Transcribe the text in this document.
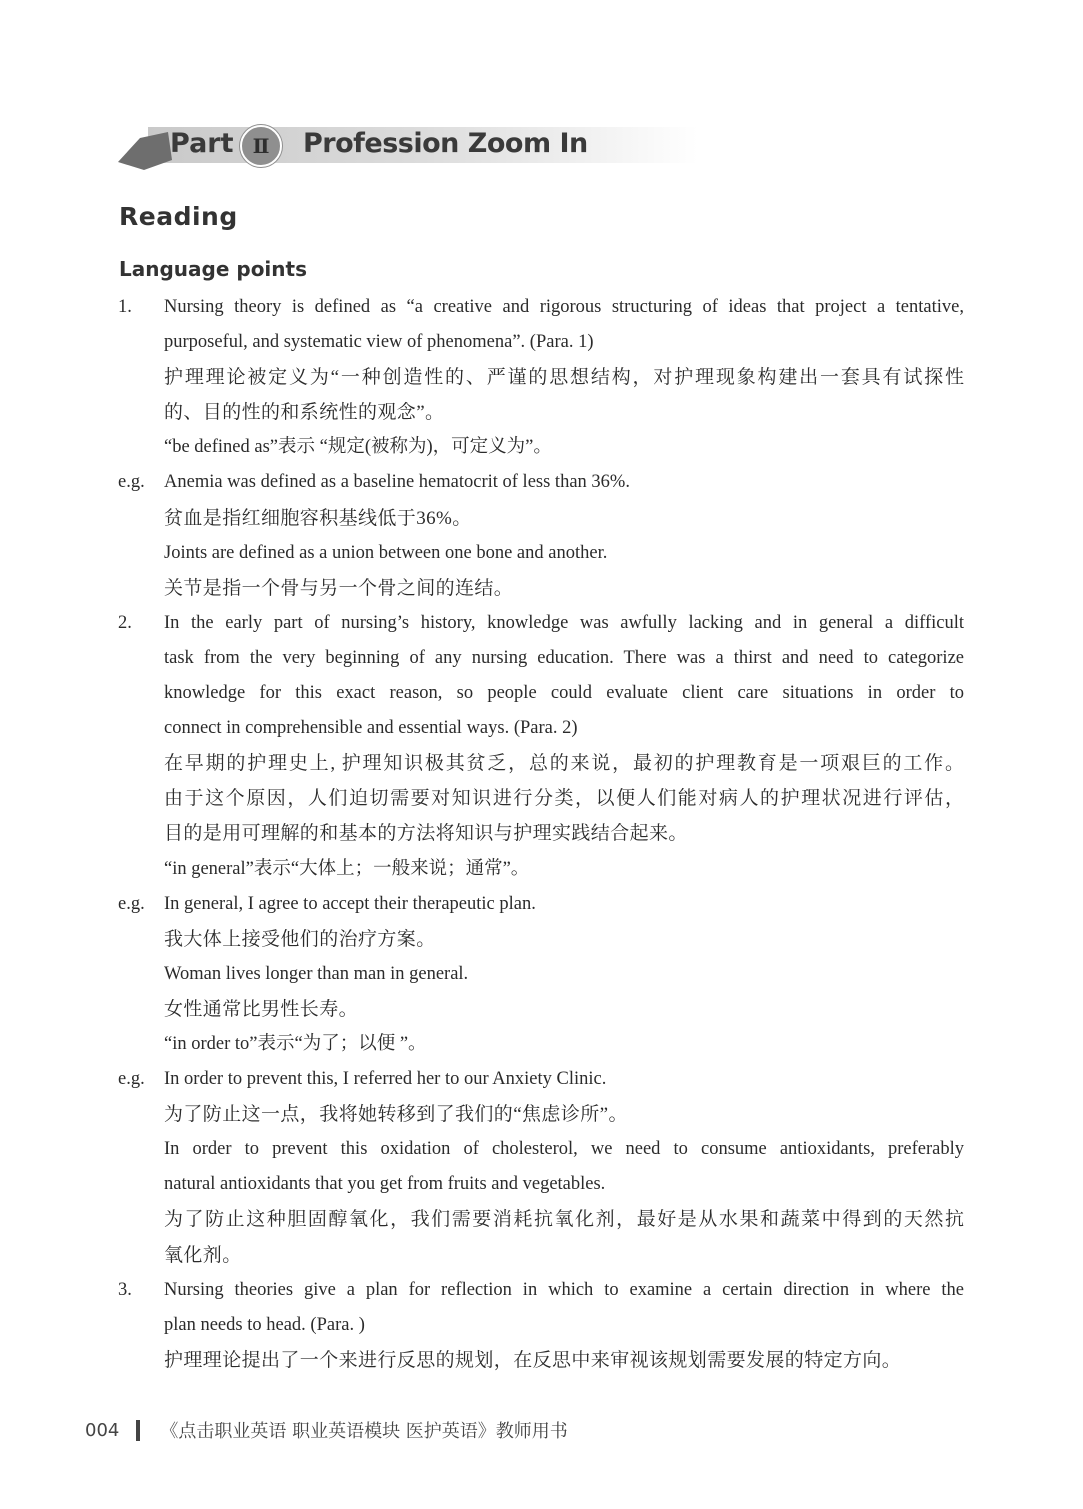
Part Ⅱ	Profession Zoom In
Reading
Language points
1.	Nursing theory is defined as “a creative and rigorous structuring of ideas that project a tentative,
purposeful, and systematic view of phenomena”. (Para. 1)
护理理论被定义为“一种创造性的、严谨的思想结构，对护理现象构建出一套具有试探性
的、目的性的和系统性的观念”。
“be defined as”表示 “规定(被称为)，可定义为”。
e.g.	Anemia was defined as a baseline hematocrit of less than 36%.
贫血是指红细胞容积基线低于36%。
Joints are defined as a union between one bone and another.
关节是指一个骨与另一个骨之间的连结。
2.	In the early part of nursing’s history, knowledge was awfully lacking and in general a difficult
task from the very beginning of any nursing education. There was a thirst and need to categorize
knowledge for this exact reason, so people could evaluate client care situations in order to
connect in comprehensible and essential ways. (Para. 2)
在早期的护理史上, 护理知识极其贫乏，总的来说，最初的护理教育是一项艰巨的工作。
由于这个原因，人们迫切需要对知识进行分类，以便人们能对病人的护理状况进行评估，
目的是用可理解的和基本的方法将知识与护理实践结合起来。
“in general”表示“大体上；一般来说；通常”。
e.g.	In general, I agree to accept their therapeutic plan.
我大体上接受他们的治疗方案。
Woman lives longer than man in general.
女性通常比男性长寿。
“in order to”表示“为了；以便 ”。
e.g.	In order to prevent this, I referred her to our Anxiety Clinic.
为了防止这一点，我将她转移到了我们的“焦虑诊所”。
In order to prevent this oxidation of cholesterol, we need to consume antioxidants, preferably
natural antioxidants that you get from fruits and vegetables.
为了防止这种胆固醇氧化，我们需要消耗抗氧化剂，最好是从水果和蔬菜中得到的天然抗
氧化剂。
3.	Nursing theories give a plan for reflection in which to examine a certain direction in where the
plan needs to head. (Para. )
护理理论提出了一个来进行反思的规划，在反思中来审视该规划需要发展的特定方向。
004 《点击职业英语 职业英语模块 医护英语》教师用书
